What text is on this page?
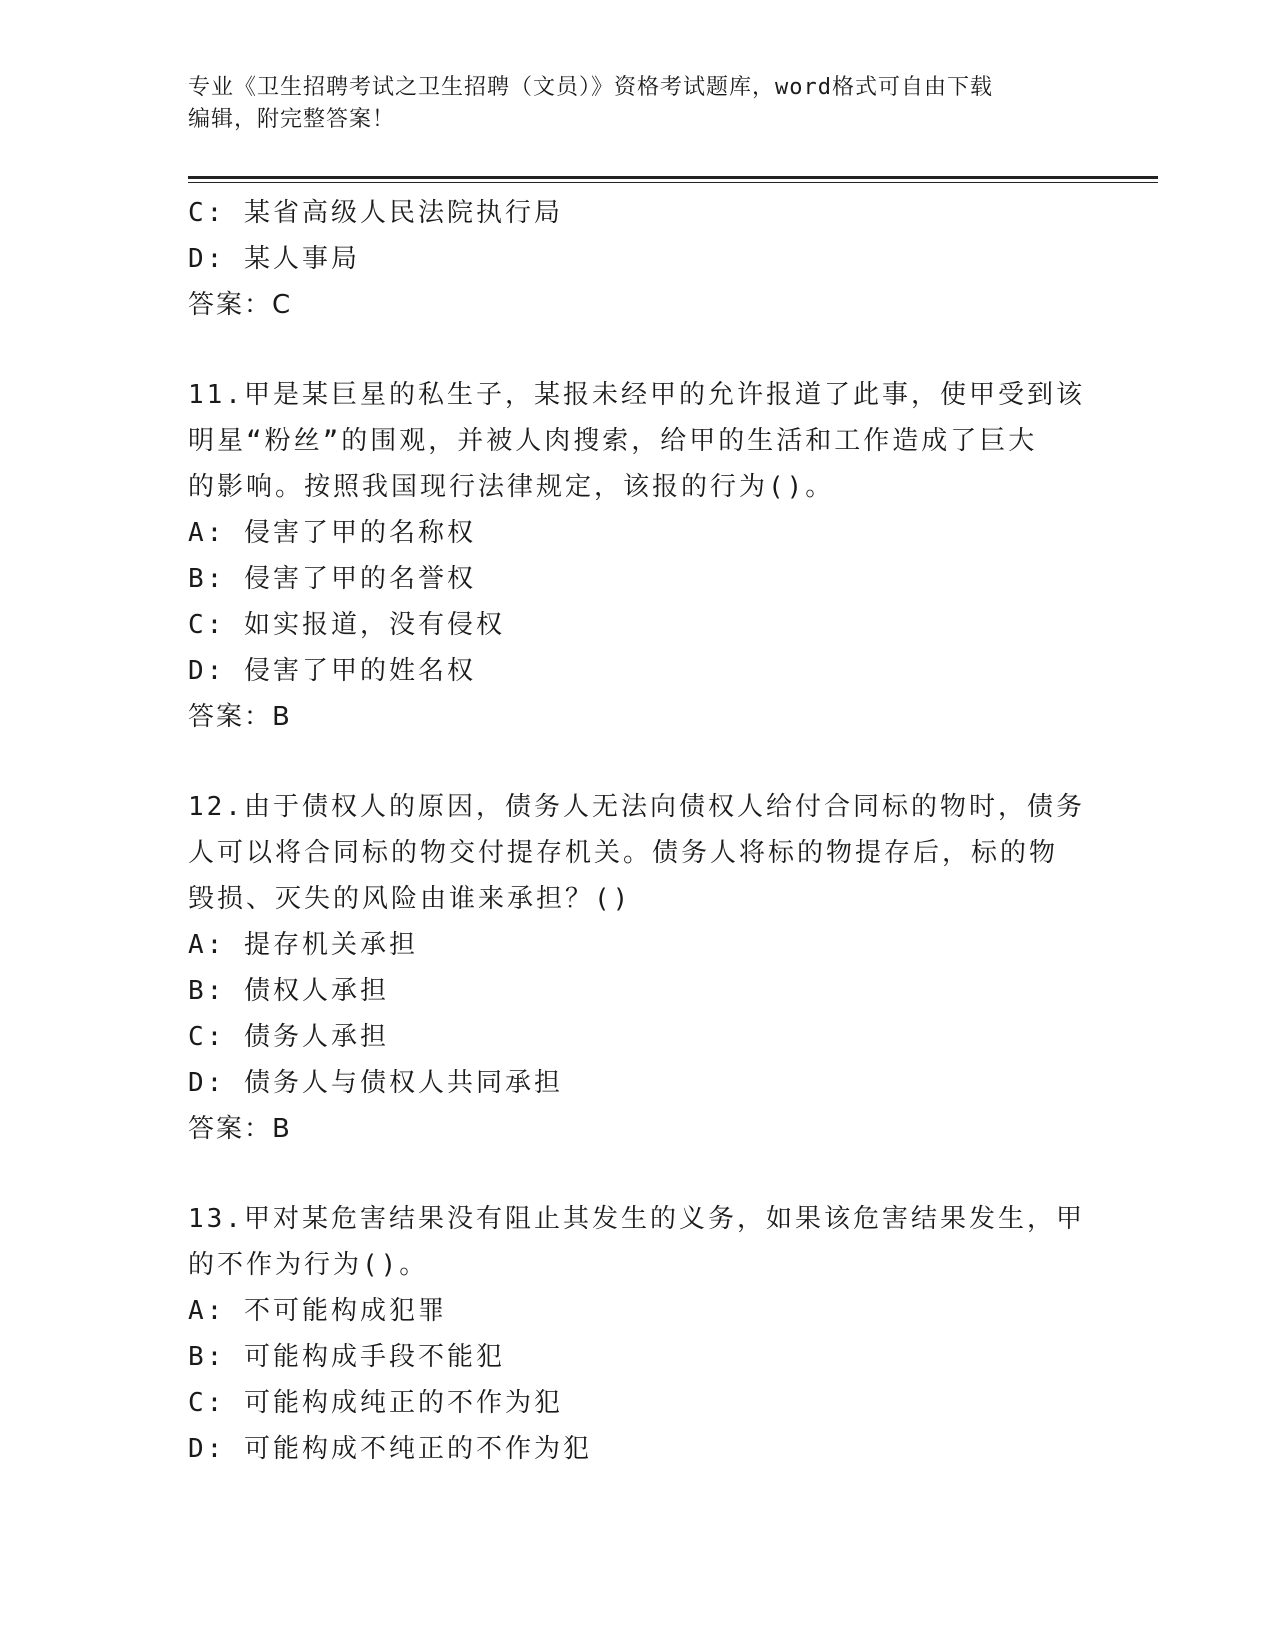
专业《卫生招聘考试之卫生招聘（文员）》资格考试题库，word格式可自由下载
编辑，附完整答案！
C: 某省高级人民法院执行局
D: 某人事局
答案：C
11.甲是某巨星的私生子，某报未经甲的允许报道了此事，使甲受到该
明星“粉丝”的围观，并被人肉搜索，给甲的生活和工作造成了巨大
的影响。按照我国现行法律规定，该报的行为()。
A: 侵害了甲的名称权
B: 侵害了甲的名誉权
C: 如实报道，没有侵权
D: 侵害了甲的姓名权
答案：B
12.由于债权人的原因，债务人无法向债权人给付合同标的物时，债务
人可以将合同标的物交付提存机关。债务人将标的物提存后，标的物
毁损、灭失的风险由谁来承担？()
A: 提存机关承担
B: 债权人承担
C: 债务人承担
D: 债务人与债权人共同承担
答案：B
13.甲对某危害结果没有阻止其发生的义务，如果该危害结果发生，甲
的不作为行为()。
A: 不可能构成犯罪
B: 可能构成手段不能犯
C: 可能构成纯正的不作为犯
D: 可能构成不纯正的不作为犯
